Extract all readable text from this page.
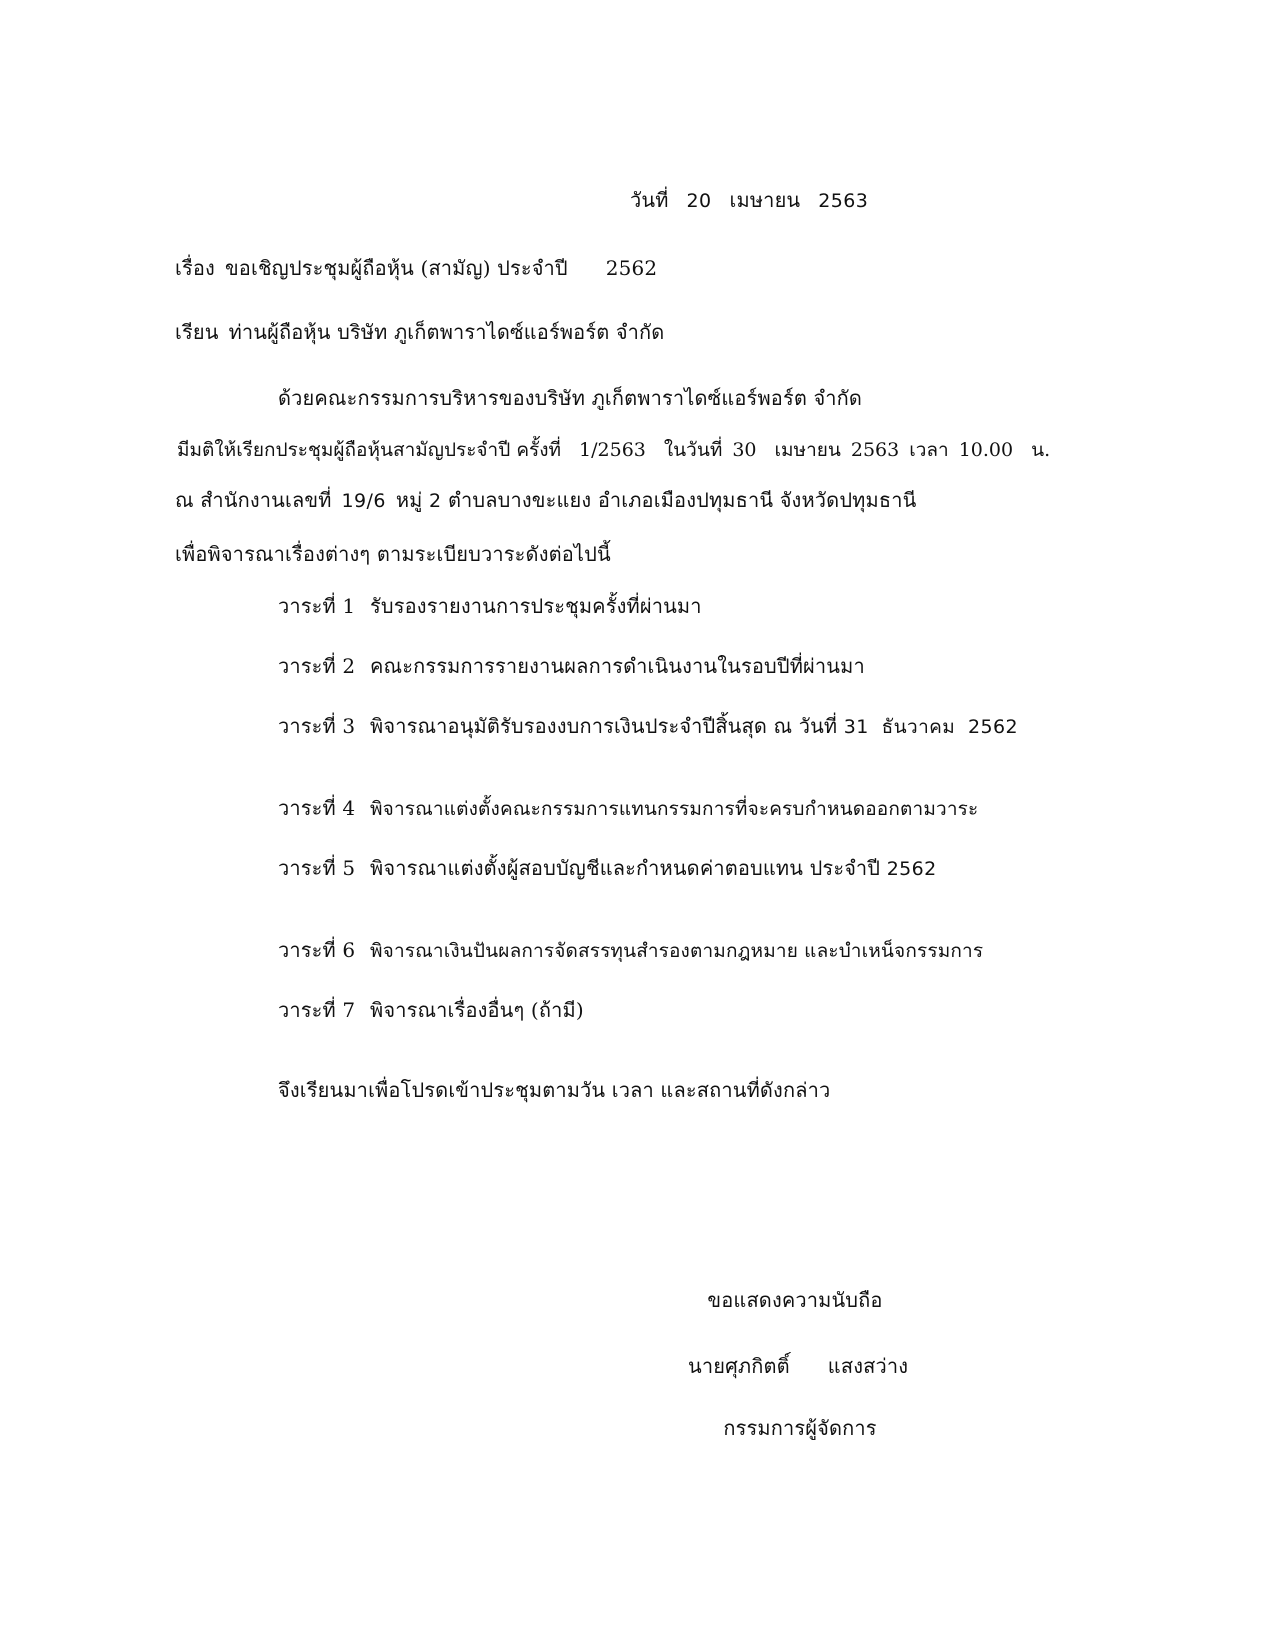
วันที่ 20 เมษายน 2563
เรื่อง ขอเชิญประชุมผู้ถือหุ้น (สามัญ) ประจำปี 2562
เรียน ท่านผู้ถือหุ้น บริษัท ภูเก็ตพาราไดซ์แอร์พอร์ต จำกัด
ด้วยคณะกรรมการบริหารของบริษัท ภูเก็ตพาราไดซ์แอร์พอร์ต จำกัด
มีมติให้เรียกประชุมผู้ถือหุ้นสามัญประจำปี ครั้งที่ 1/2563 ในวันที่ 30 เมษายน 2563 เวลา 10.00 น.
ณ สำนักงานเลขที่ 19/6 หมู่ 2 ตำบลบางขะแยง อำเภอเมืองปทุมธานี จังหวัดปทุมธานี
เพื่อพิจารณาเรื่องต่างๆ ตามระเบียบวาระดังต่อไปนี้
วาระที่ 1 รับรองรายงานการประชุมครั้งที่ผ่านมา
วาระที่ 2 คณะกรรมการรายงานผลการดำเนินงานในรอบปีที่ผ่านมา
วาระที่ 3 พิจารณาอนุมัติรับรองงบการเงินประจำปีสิ้นสุด ณ วันที่ 31  ธันวาคม  2562
วาระที่ 4 พิจารณาแต่งตั้งคณะกรรมการแทนกรรมการที่จะครบกำหนดออกตามวาระ
วาระที่ 5 พิจารณาแต่งตั้งผู้สอบบัญชีและกำหนดค่าตอบแทน ประจำปี 2562
วาระที่ 6 พิจารณาเงินปันผลการจัดสรรทุนสำรองตามกฎหมาย และบำเหน็จกรรมการ
วาระที่ 7 พิจารณาเรื่องอื่นๆ (ถ้ามี)
จึงเรียนมาเพื่อโปรดเข้าประชุมตามวัน เวลา และสถานที่ดังกล่าว
ขอแสดงความนับถือ
นายศุภกิตติ์ แสงสว่าง
กรรมการผู้จัดการ
